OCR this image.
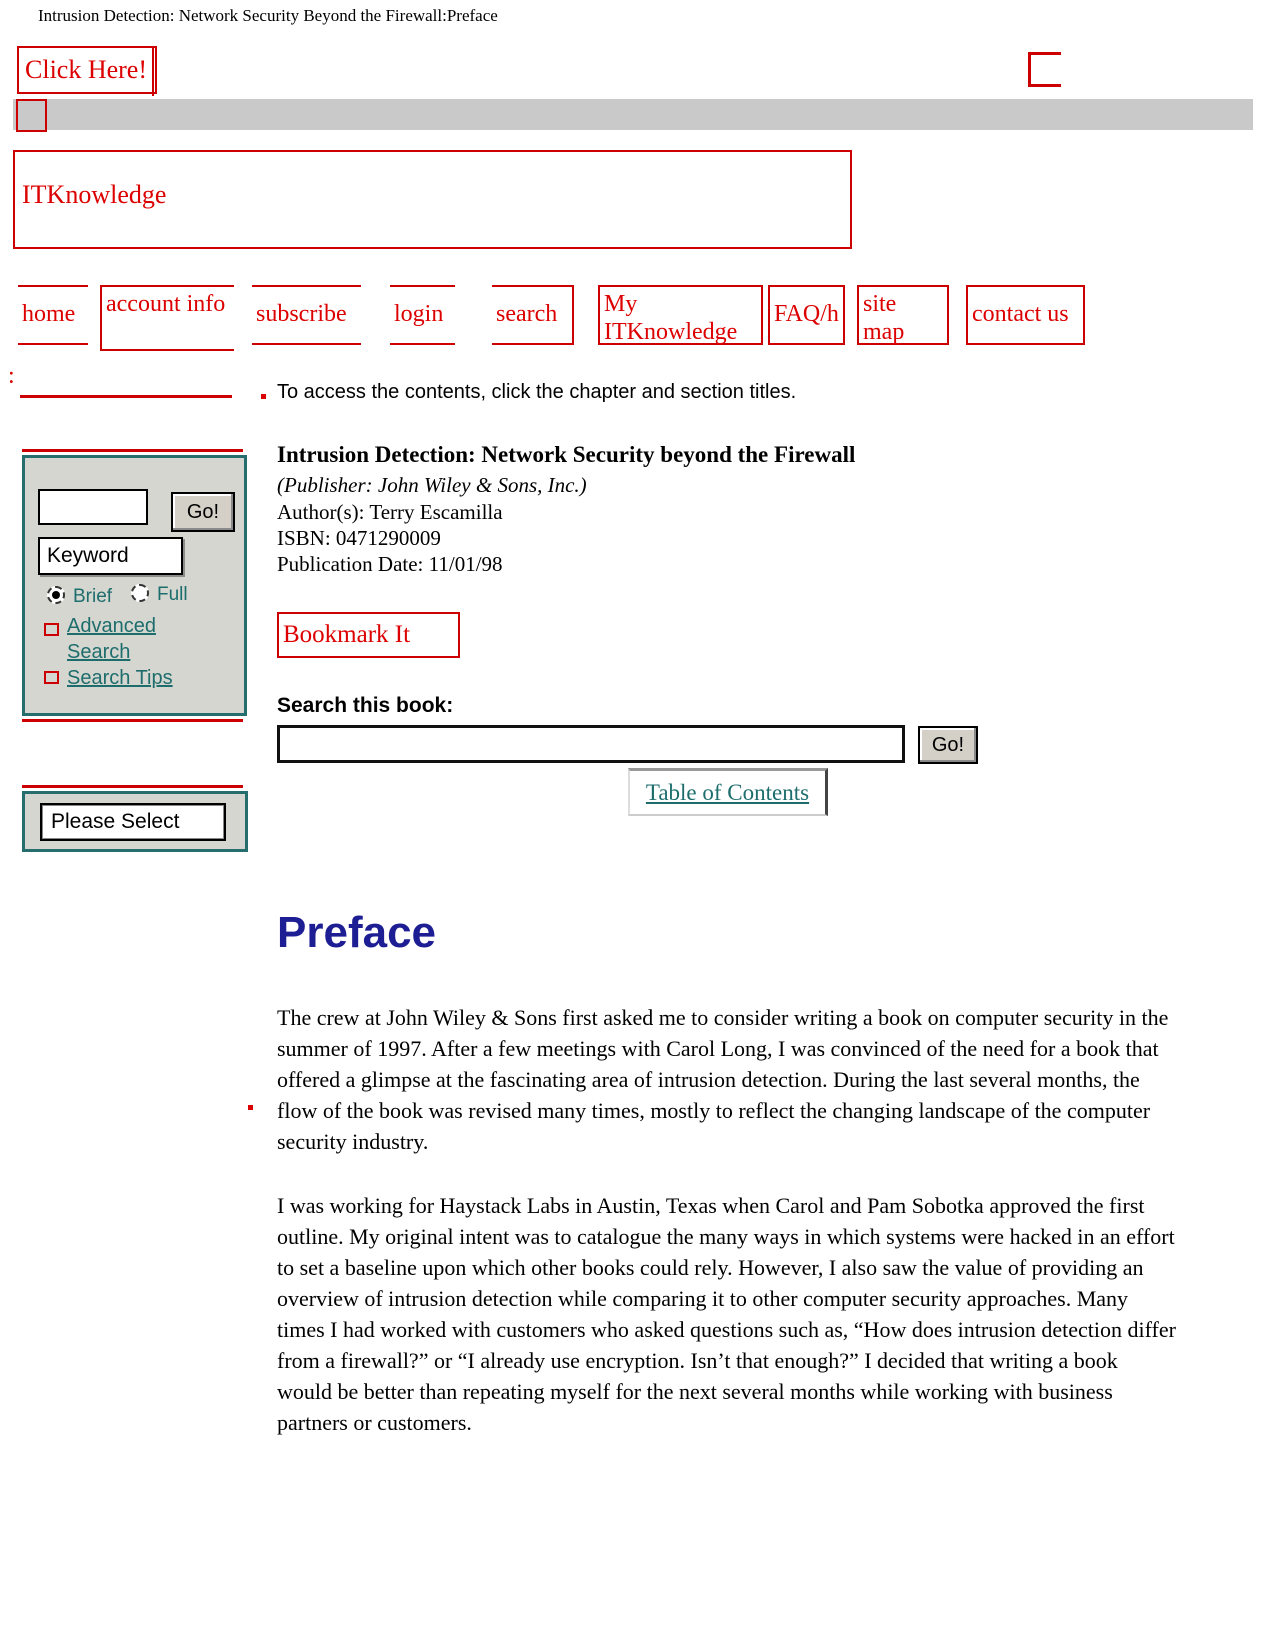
Intrusion Detection: Network Security Beyond the Firewall:Preface
Click Here!
ITKnowledge
home account info subscribe login search My ITKnowledge
FAQ/h site map
contact us
:
Go!
Keyword
Brief Full
Advanced Search
Search Tips
Please Select
To access the contents, click the chapter and section titles.
Intrusion Detection: Network Security beyond the Firewall
(Publisher: John Wiley & Sons, Inc.)
Author(s): Terry Escamilla
ISBN: 0471290009
Publication Date: 11/01/98
Bookmark It
Search this book:
Go!
Table of Contents
Preface

The crew at John Wiley & Sons first asked me to consider writing a book on computer security in the summer of 1997. After a few meetings with Carol Long, I was convinced of the need for a book that offered a glimpse at the fascinating area of intrusion detection. During the last several months, the flow of the book was revised many times, mostly to reflect the changing landscape of the computer security industry.

I was working for Haystack Labs in Austin, Texas when Carol and Pam Sobotka approved the first outline. My original intent was to catalogue the many ways in which systems were hacked in an effort to set a baseline upon which other books could rely. However, I also saw the value of providing an overview of intrusion detection while comparing it to other computer security approaches. Many times I had worked with customers who asked questions such as, “How does intrusion detection differ from a firewall?” or “I already use encryption. Isn’t that enough?” I decided that writing a book would be better than repeating myself for the next several months while working with business partners or customers.
